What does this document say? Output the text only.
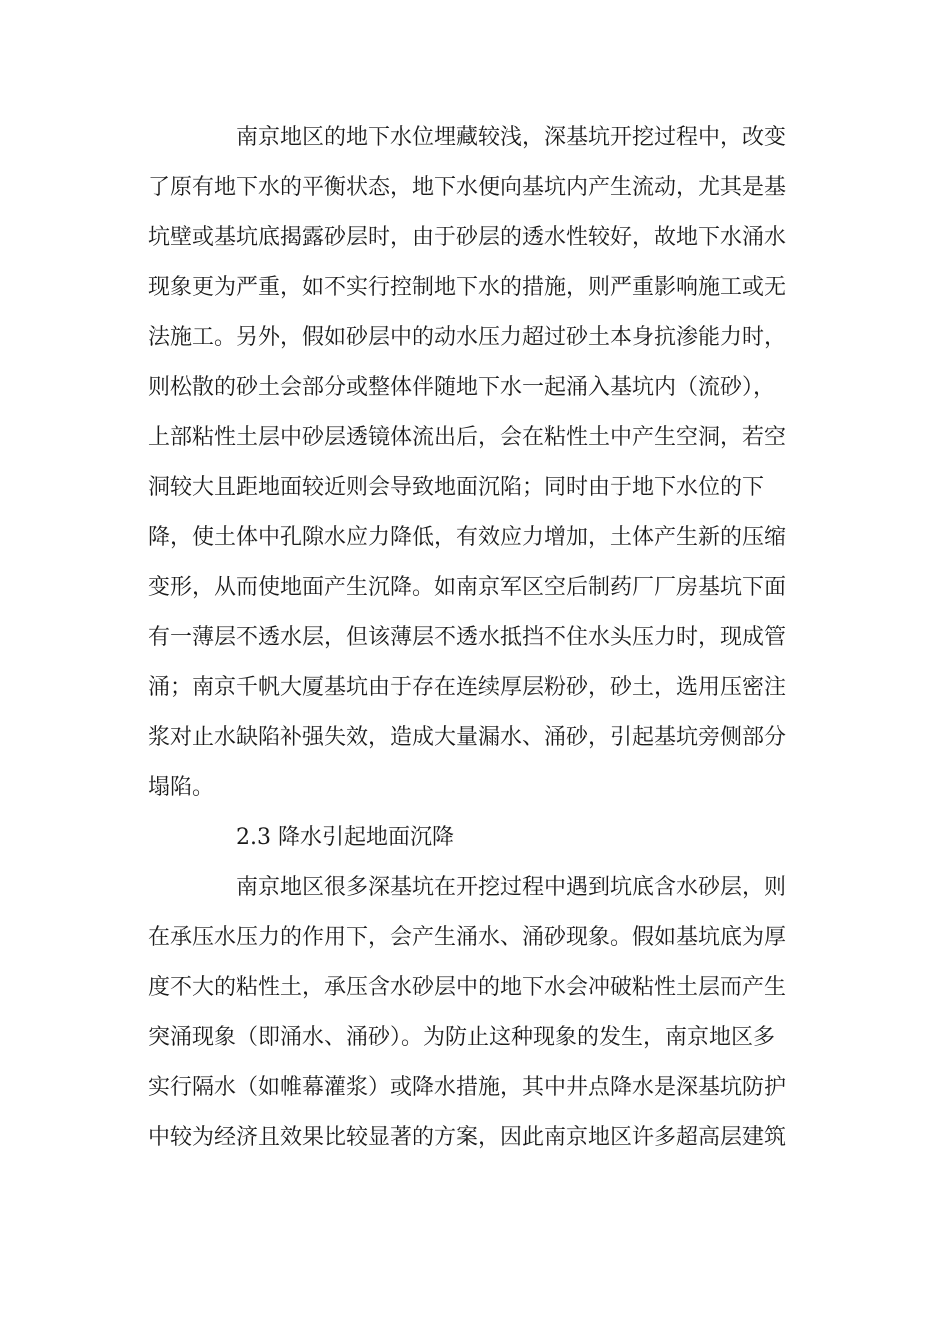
南京地区的地下水位埋藏较浅，深基坑开挖过程中，改变

了原有地下水的平衡状态，地下水便向基坑内产生流动，尤其是基

坑壁或基坑底揭露砂层时，由于砂层的透水性较好，故地下水涌水

现象更为严重，如不实行控制地下水的措施，则严重影响施工或无

法施工。另外，假如砂层中的动水压力超过砂土本身抗渗能力时，

则松散的砂土会部分或整体伴随地下水一起涌入基坑内（流砂），

上部粘性土层中砂层透镜体流出后，会在粘性土中产生空洞，若空

洞较大且距地面较近则会导致地面沉陷；同时由于地下水位的下

降，使土体中孔隙水应力降低，有效应力增加，土体产生新的压缩

变形，从而使地面产生沉降。如南京军区空后制药厂厂房基坑下面

有一薄层不透水层，但该薄层不透水抵挡不住水头压力时，现成管

涌；南京千帆大厦基坑由于存在连续厚层粉砂，砂土，选用压密注

浆对止水缺陷补强失效，造成大量漏水、涌砂，引起基坑旁侧部分

塌陷。

2.3 降水引起地面沉降

南京地区很多深基坑在开挖过程中遇到坑底含水砂层，则

在承压水压力的作用下，会产生涌水、涌砂现象。假如基坑底为厚

度不大的粘性土，承压含水砂层中的地下水会冲破粘性土层而产生

突涌现象（即涌水、涌砂）。为防止这种现象的发生，南京地区多

实行隔水（如帷幕灌浆）或降水措施，其中井点降水是深基坑防护

中较为经济且效果比较显著的方案，因此南京地区许多超高层建筑
